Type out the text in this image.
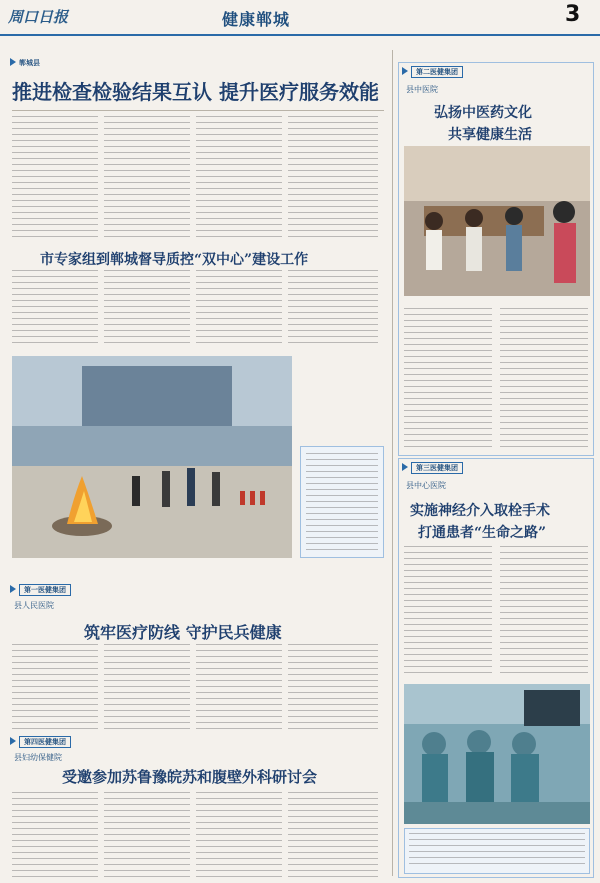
周口日报	健康郸城	3
郸城县
推进检查检验结果互认 提升医疗服务效能
市专家组到郸城督导质控“双中心”建设工作
第一医健集团
县人民医院
筑牢医疗防线 守护民兵健康
第四医健集团
县妇幼保健院
受邀参加苏鲁豫皖苏和腹壁外科研讨会
第二医健集团
县中医院
弘扬中医药文化
共享健康生活
第三医健集团
县中心医院
实施神经介入取栓手术
打通患者“生命之路”
